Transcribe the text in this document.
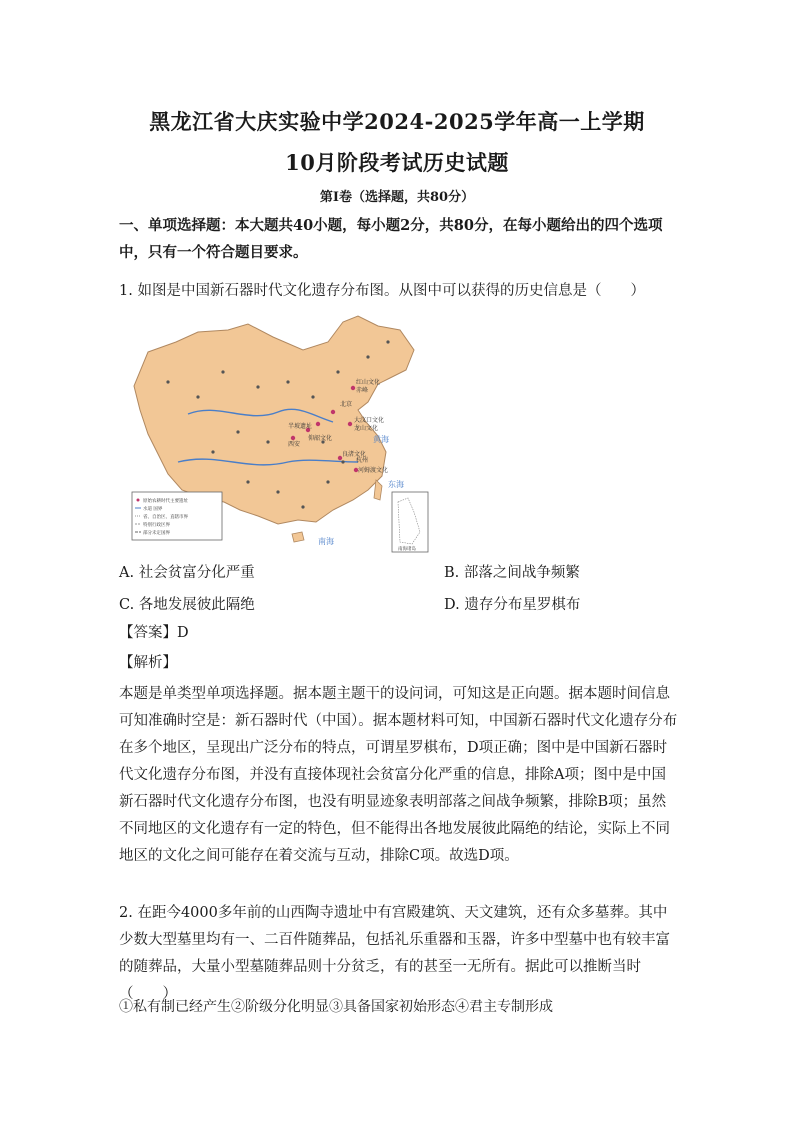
黑龙江省大庆实验中学2024-2025学年高一上学期
10月阶段考试历史试题
第Ⅰ卷（选择题，共80分）
一、单项选择题：本大题共40小题，每小题2分，共80分，在每小题给出的四个选项中，只有一个符合题目要求。
1. 如图是中国新石器时代文化遗存分布图。从图中可以获得的历史信息是（　　）
红山文化
赤峰
北京
大汶口文化
龙山文化
半坡遗址
西安
仰韶文化
河姆渡文化
良渚文化
杭州
黄海
东海
南海
原始农耕时代主要遗址
水道 国界
省、自治区、直辖市界
特别行政区界
部分未定国界
南海诸岛
A. 社会贫富分化严重	B. 部落之间战争频繁
C. 各地发展彼此隔绝	D. 遗存分布星罗棋布
【答案】D
【解析】
本题是单类型单项选择题。据本题主题干的设问词，可知这是正向题。据本题时间信息可知准确时空是：新石器时代（中国）。据本题材料可知，中国新石器时代文化遗存分布在多个地区，呈现出广泛分布的特点，可谓星罗棋布，D项正确；图中是中国新石器时代文化遗存分布图，并没有直接体现社会贫富分化严重的信息，排除A项；图中是中国新石器时代文化遗存分布图，也没有明显迹象表明部落之间战争频繁，排除B项；虽然不同地区的文化遗存有一定的特色，但不能得出各地发展彼此隔绝的结论，实际上不同地区的文化之间可能存在着交流与互动，排除C项。故选D项。
2. 在距今4000多年前的山西陶寺遗址中有宫殿建筑、天文建筑，还有众多墓葬。其中少数大型墓里均有一、二百件随葬品，包括礼乐重器和玉器，许多中型墓中也有较丰富的随葬品，大量小型墓随葬品则十分贫乏，有的甚至一无所有。据此可以推断当时（　　）
①私有制已经产生②阶级分化明显③具备国家初始形态④君主专制形成
